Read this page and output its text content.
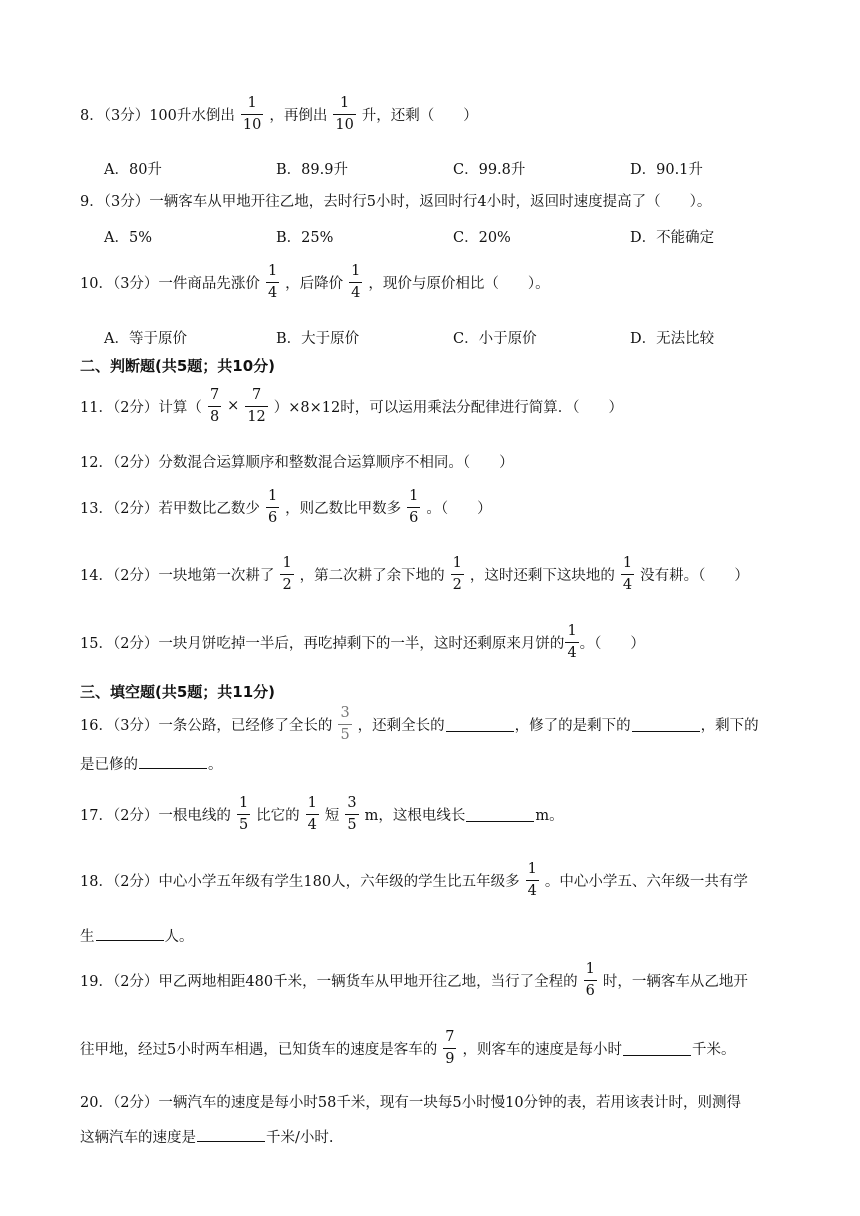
8．（3分）100升水倒出 $\frac{1}{10}$ ，再倒出 $\frac{1}{10}$ 升，还剩（　　）
A．80升	B．89.9升	C．99.8升	D．90.1升
9．（3分）一辆客车从甲地开往乙地，去时行5小时，返回时行4小时，返回时速度提高了（　　）。
A．5%	B．25%	C．20%	D．不能确定
10．（3分）一件商品先涨价 $\frac{1}{4}$ ，后降价 $\frac{1}{4}$ ，现价与原价相比（　　）。
A．等于原价	B．大于原价	C．小于原价	D．无法比较
二、判断题(共5题；共10分)
11．（2分）计算（ $\frac{7}{8} \times \frac{7}{12} )\times 8\times 12$时，可以运用乘法分配律进行简算．（　　）
12．（2分）分数混合运算顺序和整数混合运算顺序不相同。（　　）
13．（2分）若甲数比乙数少 $\frac{1}{6}$ ，则乙数比甲数多 $\frac{1}{6}$ 。（　　）
14．（2分）一块地第一次耕了 $\frac{1}{2}$ ，第二次耕了余下地的 $\frac{1}{2}$ ，这时还剩下这块地的 $\frac{1}{4}$ 没有耕。（　　）
15．（2分）一块月饼吃掉一半后，再吃掉剩下的一半，这时还剩原来月饼的 $\frac{1}{4}$ 。（　　）
三、填空题(共5题；共11分)
16．（3分）一条公路，已经修了全长的 $\frac{3}{5}$ ，还剩全长的	，修了的是剩下的	，剩下的
是已修的	。
17．（2分）一根电线的 $\frac{1}{5}$ 比它的 $\frac{1}{4}$ 短 $\frac{3}{5}$ m，这根电线长	m。
18．（2分）中心小学五年级有学生180人，六年级的学生比五年级多 $\frac{1}{4}$ 。中心小学五、六年级一共有学
生	人。
19．（2分）甲乙两地相距480千米，一辆货车从甲地开往乙地，当行了全程的 $\frac{1}{6}$ 时，一辆客车从乙地开
往甲地，经过5小时两车相遇，已知货车的速度是客车的 $\frac{7}{9}$ ，则客车的速度是每小时	千米。
20．（2分）一辆汽车的速度是每小时58千米，现有一块每5小时慢10分钟的表，若用该表计时，则测得
这辆汽车的速度是	千米/小时.
